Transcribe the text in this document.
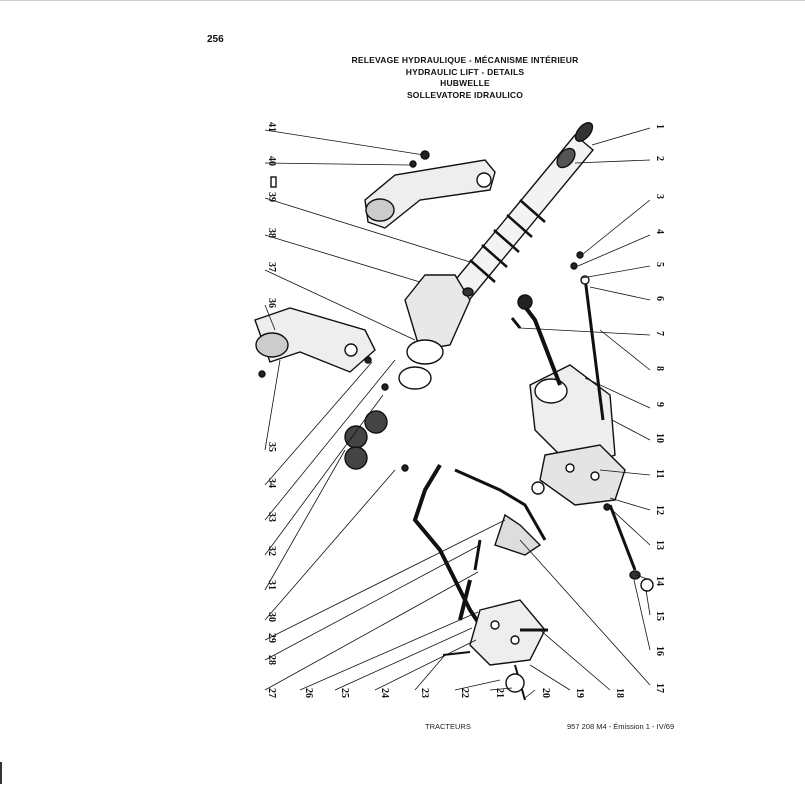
256
RELEVAGE HYDRAULIQUE - MÉCANISME INTÉRIEUR
HYDRAULIC LIFT - DETAILS
HUBWELLE
SOLLEVATORE IDRAULICO
1
2
3
4
5
6
7
8
9
10
11
12
13
14
15
16
17
18
19
20
21
22
23
24
25
26
27
28
29
30
31
32
33
34
35
36
37
38
39
40
41
TRACTEURS	957 208 M4 - Émission 1 - IV/69
